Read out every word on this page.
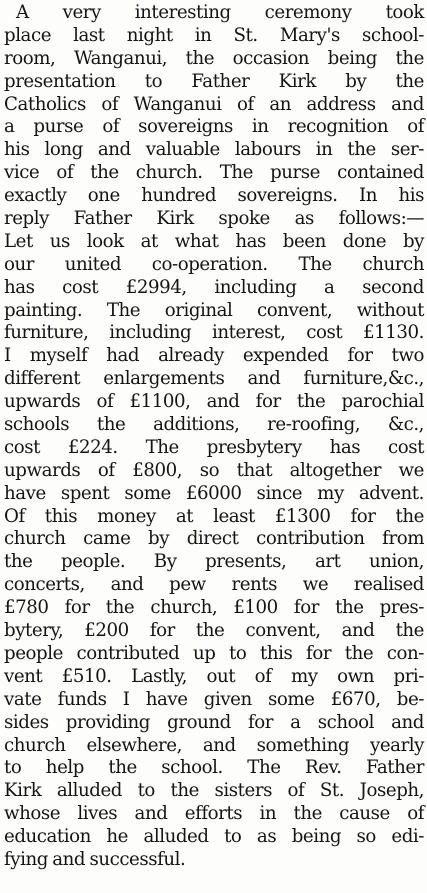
A very interesting ceremony took
place last night in St. Mary's school-
room, Wanganui, the occasion being the
presentation to Father Kirk by the
Catholics of Wanganui of an address and
a purse of sovereigns in recognition of
his long and valuable labours in the ser-
vice of the church. The purse contained
exactly one hundred sovereigns. In his
reply Father Kirk spoke as follows:—
Let us look at what has been done by
our united co-operation. The church
has cost £2994, including a second
painting. The original convent, without
furniture, including interest, cost £1130.
I myself had already expended for two
different enlargements and furniture,&c.,
upwards of £1100, and for the parochial
schools the additions, re-roofing, &c.,
cost £224. The presbytery has cost
upwards of £800, so that altogether we
have spent some £6000 since my advent.
Of this money at least £1300 for the
church came by direct contribution from
the people. By presents, art union,
concerts, and pew rents we realised
£780 for the church, £100 for the pres-
bytery, £200 for the convent, and the
people contributed up to this for the con-
vent £510. Lastly, out of my own pri-
vate funds I have given some £670, be-
sides providing ground for a school and
church elsewhere, and something yearly
to help the school. The Rev. Father
Kirk alluded to the sisters of St. Joseph,
whose lives and efforts in the cause of
education he alluded to as being so edi-
fying and successful.
